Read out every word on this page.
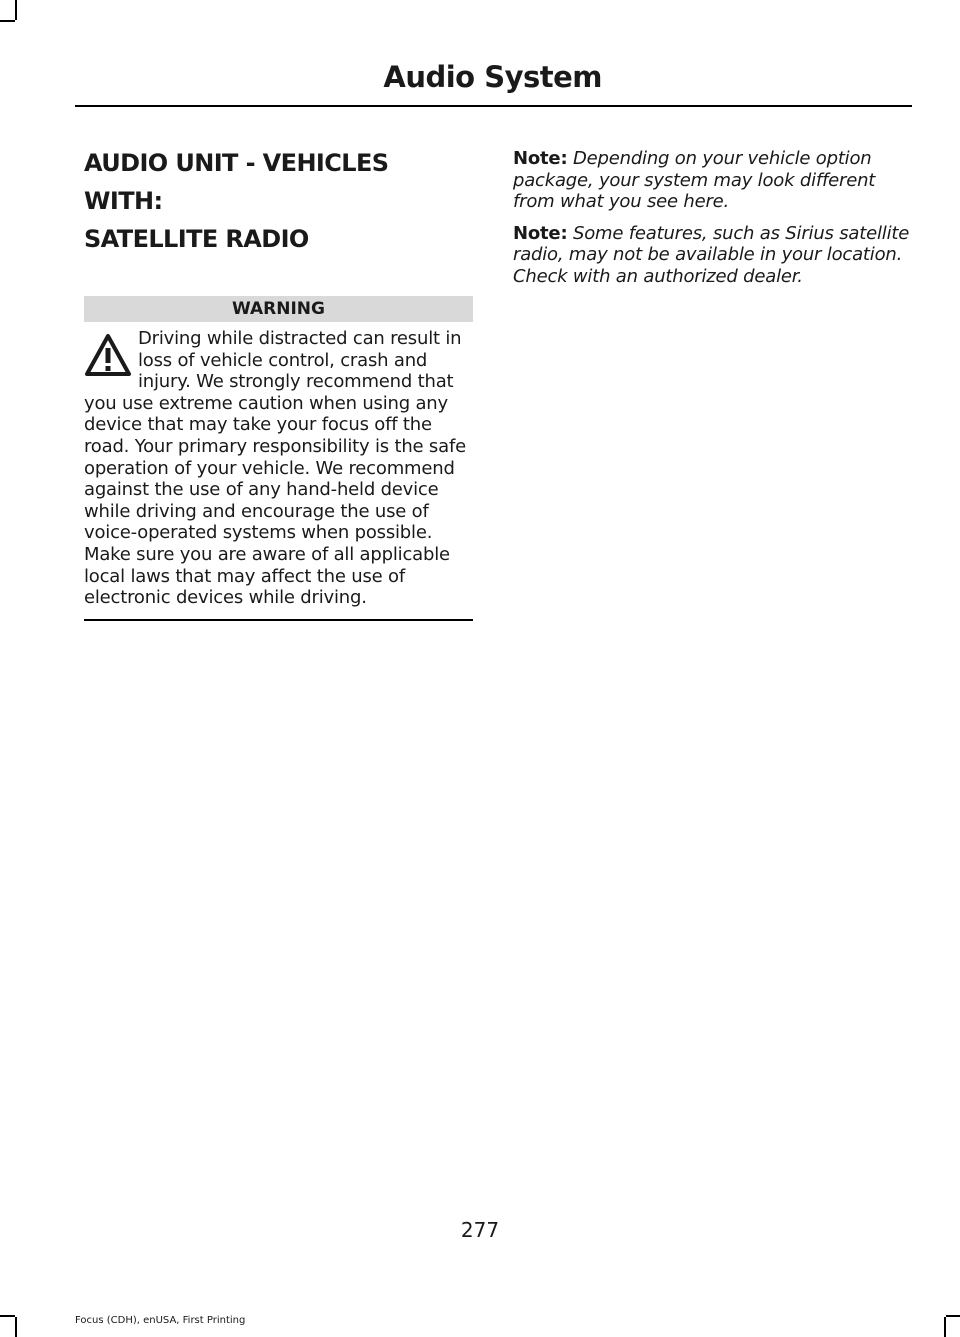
Audio System
AUDIO UNIT - VEHICLES WITH:
SATELLITE RADIO
WARNING
Driving while distracted can result in loss of vehicle control, crash and injury. We strongly recommend that you use extreme caution when using any device that may take your focus off the road. Your primary responsibility is the safe operation of your vehicle. We recommend against the use of any hand-held device while driving and encourage the use of voice-operated systems when possible. Make sure you are aware of all applicable local laws that may affect the use of electronic devices while driving.

Note: Depending on your vehicle option package, your system may look different from what you see here.

Note: Some features, such as Sirius satellite radio, may not be available in your location. Check with an authorized dealer.

277
Focus (CDH), enUSA, First Printing
